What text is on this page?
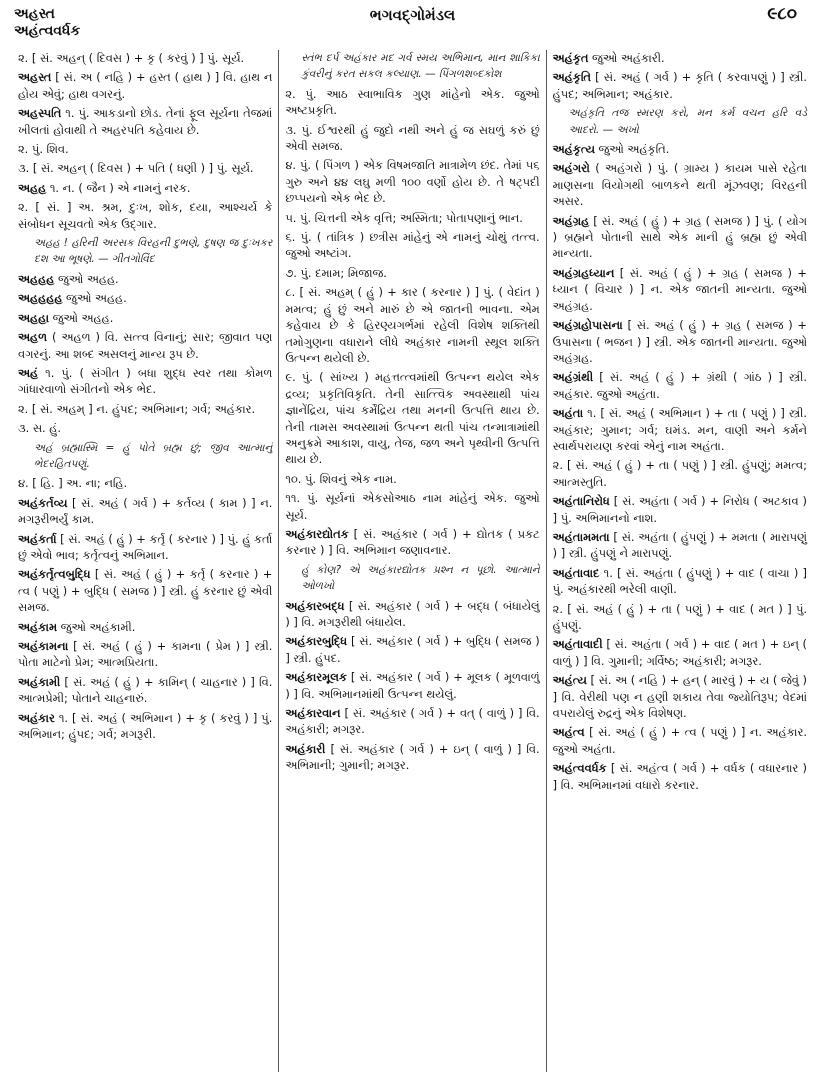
અહસ્ત
અહંત્વવર્ધક
ભગવદ્ગોમંડલ	૯૮૦

૨. [ સં. અહન્ ( દિવસ ) + કૃ ( કરવું ) ] પું. સૂર્ય.

અહસ્ત [ સં. અ ( નહિ ) + હસ્ત ( હાથ ) ] વિ. હાથ ન હોય એવું; હાથ વગરનું.

અહસ્પતિ ૧. પું. આકડાનો છોડ. તેનાં ફૂલ સૂર્યના તેજમાં ખીલતાં હોવાથી તે અહરપતિ કહેવાય છે.

૨. પું. શિવ.

૩. [ સં. અહન્ ( દિવસ ) + પતિ ( ધણી ) ] પું. સૂર્ય.

અહહ ૧. ન. ( જૈન ) એ નામનું નરક.

૨. [ સં. ] અ. શ્રમ, દુઃખ, શોક, દયા, આશ્ચર્ય કે સંબોધન સૂચવતો એક ઉદ્ગાર.

અહહ ! હરિની અરસક વિરહની દુભણે, દુષણ જ દુઃખકર દશ આ ભૂષણે. — ગીતગોવિંદ

અહહહ જુઓ અહહ.

અહહહહ જુઓ અહહ.

અહહા જુઓ અહહ.

અહળ ( અહળ ) વિ. સત્ત્વ વિનાનું; સાર; જીવાત પણ વગરનું. આ શબ્દ અસલનું માન્ય રૂપ છે.

અહં ૧. પું. ( સંગીત ) બધા શુદ્ધ સ્વર તથા કોમળ ગાંધારવાળો સંગીતનો એક ભેદ.

૨. [ સં. અહમ્ ] ન. હુંપદ; અભિમાન; ગર્વ; અહંકાર.

૩. સ. હું.

અહં બ્રહ્માસ્મિ = હું પોતે બ્રહ્મ છું; જીવ આત્માનું ભેદરહિતપણું.

૪. [ હિ. ] અ. ના; નહિ.

અહંકર્તવ્ય [ સં. અહં ( ગર્વ ) + કર્તવ્ય ( કામ ) ] ન. મગરૂરીભર્યું કામ.

અહંકર્તા [ સં. અહં ( હું ) + કર્તૃ ( કરનાર ) ] પું. હું કર્તા છું એવો ભાવ; કર્તૃત્વનું અભિમાન.

અહંકર્તૃત્વબુદ્ધિ [ સં. અહં ( હું ) + કર્તૃ ( કરનાર ) + ત્વ ( પણું ) + બુદ્ધિ ( સમજ ) ] સ્ત્રી. હું કરનાર છું એવી સમજ.

અહંકામ જુઓ અહંકામી.

અહંકામના [ સં. અહં ( હું ) + કામના ( પ્રેમ ) ] સ્ત્રી. પોતા માટેનો પ્રેમ; આત્મપ્રિયતા.

અહંકામી [ સં. અહં ( હું ) + કામિન્ ( ચાહનાર ) ] વિ. આત્મપ્રેમી; પોતાને ચાહનારું.

અહંકાર ૧. [ સં. અહં ( અભિમાન ) + કૃ ( કરવું ) ] પું. અભિમાન; હુંપદ; ગર્વ; મગરૂરી.

સ્તંભ દર્પ અહંકાર મદ ગર્વ સ્મય અભિમાન, માન શાકિકા કુંવરીનું કરત સકલ કલ્યાણ. — પિંગળશબ્દકોશ

૨. પું. આઠ સ્વાભાવિક ગુણ માંહેનો એક. જુઓ અષ્ટપ્રકૃતિ.

૩. પું. ઈશ્વરથી હું જુદો નથી અને હું જ સઘળું કરું છું એવી સમજ.

૪. પું. ( પિંગળ ) એક વિષમજાતિ માત્રામેળ છંદ. તેમાં ૫૬ ગુરુ અને ૪૪ લઘુ મળી ૧૦૦ વર્ણો હોય છે. તે ષટ્પદી છપ્પયનો એક ભેદ છે.

૫. પું. ચિત્તની એક વૃત્તિ; અસ્મિતા; પોતાપણાનું ભાન.

૬. પું. ( તાંત્રિક ) છત્રીસ માંહેનું એ નામનું ચોથું તત્ત્વ. જુઓ અષ્ટાંગ.

૭. પું. દમામ; મિજાજ.

૮. [ સં. અહમ્ ( હું ) + કાર ( કરનાર ) ] પું. ( વેદાંત ) મમત્વ; હું છું અને મારું છે એ જાતની ભાવના. એમ કહેવાય છે કે હિરણ્યગર્ભમાં રહેલી વિશેષ શક્તિથી તમોગુણના વધારાને લીધે અહંકાર નામની સ્થૂલ શક્તિ ઉત્પન્ન થયેલી છે.

૯. પું. ( સાંખ્ય ) મહત્તત્ત્વમાંથી ઉત્પન્ન થયેલ એક દ્રવ્ય; પ્રકૃતિવિકૃતિ. તેની સાત્ત્વિક અવસ્થાથી પાંચ જ્ઞાનેંદ્રિય, પાંચ કર્મેંદ્રિય તથા મનની ઉત્પત્તિ થાય છે. તેની તામસ અવસ્થામાં ઉત્પન્ન થતી પાંચ તન્માત્રામાંથી અનુક્રમે આકાશ, વાયુ, તેજ, જળ અને પૃથ્વીની ઉત્પત્તિ થાય છે.

૧૦. પું. શિવનું એક નામ.

૧૧. પું. સૂર્યનાં એકસોઆઠ નામ માંહેનું એક. જુઓ સૂર્ય.

અહંકારદ્યોતક [ સં. અહંકાર ( ગર્વ ) + દ્યોતક ( પ્રકટ કરનાર ) ] વિ. અભિમાન જણાવનાર.

હું કોણ? એ અહંકારદ્યોતક પ્રશ્ન ન પૂછો. આત્માને ઓળખો

અહંકારબદ્ધ [ સં. અહંકાર ( ગર્વ ) + બદ્ધ ( બંધાયેલું ) ] વિ. મગરૂરીથી બંધાયેલ.

અહંકારબુદ્ધિ [ સં. અહંકાર ( ગર્વ ) + બુદ્ધિ ( સમજ ) ] સ્ત્રી. હુંપદ.

અહંકારમૂલક [ સં. અહંકાર ( ગર્વ ) + મૂલક ( મૂળવાળું ) ] વિ. અભિમાનમાંથી ઉત્પન્ન થયેલું.

અહંકારવાન [ સં. અહંકાર ( ગર્વ ) + વત્ ( વાળું ) ] વિ. અહંકારી; મગરૂર.

અહંકારી [ સં. અહંકાર ( ગર્વ ) + ઇન્ ( વાળું ) ] વિ. અભિમાની; ગુમાની; મગરૂર.

અહંકૃત જુઓ અહંકારી.

અહંકૃતિ [ સં. અહં ( ગર્વ ) + કૃતિ ( કરવાપણું ) ] સ્ત્રી. હુંપદ; અભિમાન; અહંકાર.

અહંકૃતિ તજ સ્મરણ કરો, મન કર્મ વચન હરિ વડે આદરો. — અખો

અહંકૃત્ય જુઓ અહંકૃતિ.

અહંગરો ( અહંગરો ) પું. ( ગ્રામ્ય ) કાયમ પાસે રહેતા માણસના વિયોગથી બાળકને થતી મૂંઝવણ; વિરહની અસર.

અહંગ્રહ [ સં. અહં ( હું ) + ગ્રહ ( સમજ ) ] પું. ( યોગ ) બ્રહ્મને પોતાની સાથે એક માની હું બ્રહ્મ છું એવી માન્યતા.

અહંગ્રહધ્યાન [ સં. અહં ( હું ) + ગ્રહ ( સમજ ) + ધ્યાન ( વિચાર ) ] ન. એક જાતની માન્યતા. જુઓ અહંગ્રહ.

અહંગ્રહોપાસના [ સં. અહં ( હું ) + ગ્રહ ( સમજ ) + ઉપાસના ( ભજન ) ] સ્ત્રી. એક જાતની માન્યતા. જુઓ અહંગ્રહ.

અહંગ્રંથી [ સં. અહં ( હું ) + ગ્રંથી ( ગાંઠ ) ] સ્ત્રી. અહંકાર. જુઓ અહંતા.

અહંતા ૧. [ સં. અહં ( અભિમાન ) + તા ( પણું ) ] સ્ત્રી. અહંકાર; ગુમાન; ગર્વ; ઘમંડ. મન, વાણી અને કર્મને સ્વાર્થપરાયણ કરવાં એનું નામ અહંતા.

૨. [ સં. અહં ( હું ) + તા ( પણું ) ] સ્ત્રી. હુંપણું; મમત્વ; આત્મસ્તુતિ.

અહંતાનિરોધ [ સં. અહંતા ( ગર્વ ) + નિરોધ ( અટકાવ ) ] પું. અભિમાનનો નાશ.

અહંતામમતા [ સં. અહંતા ( હુંપણું ) + મમતા ( મારાપણું ) ] સ્ત્રી. હુંપણું ને મારાપણું.

અહંતાવાદ ૧. [ સં. અહંતા ( હુંપણું ) + વાદ ( વાચા ) ] પું. અહંકારથી ભરેલી વાણી.

૨. [ સં. અહં ( હું ) + તા ( પણું ) + વાદ ( મત ) ] પું. હુંપણું.

અહંતાવાદી [ સં. અહંતા ( ગર્વ ) + વાદ ( મત ) + ઇન્ ( વાળું ) ] વિ. ગુમાની; ગર્વિષ્ઠ; અહંકારી; મગરૂર.

અહંત્ય [ સં. અ ( નહિ ) + હન્ ( મારવું ) + ય ( જેવું ) ] વિ. વેરીથી પણ ન હણી શકાય તેવા જ્યોતિરૂપ; વેદમાં વપરાયેલું રુદ્રનું એક વિશેષણ.

અહંત્વ [ સં. અહં ( હું ) + ત્વ ( પણું ) ] ન. અહંકાર. જુઓ અહંતા.

અહંત્વવર્ધક [ સં. અહંત્વ ( ગર્વ ) + વર્ધક ( વધારનાર ) ] વિ. અભિમાનમાં વધારો કરનાર.
